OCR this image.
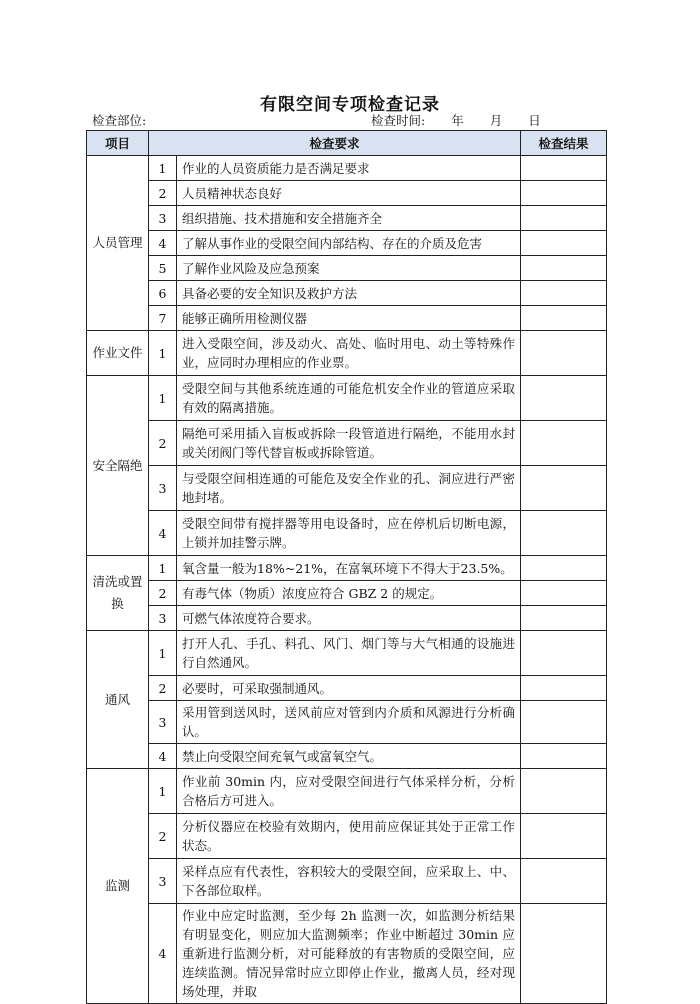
有限空间专项检查记录
检查部位:	检查时间: 年 月 日
项目	检查要求		检查结果
人员管理	1	作业的人员资质能力是否满足要求	
	2	人员精神状态良好	
	3	组织措施、技术措施和安全措施齐全	
	4	了解从事作业的受限空间内部结构、存在的介质及危害	
	5	了解作业风险及应急预案	
	6	具备必要的安全知识及救护方法	
	7	能够正确所用检测仪器	
作业文件	1	进入受限空间，涉及动火、高处、临时用电、动土等特殊作业，应同时办理相应的作业票。	
安全隔绝	1	受限空间与其他系统连通的可能危机安全作业的管道应采取有效的隔离措施。	
	2	隔绝可采用插入盲板或拆除一段管道进行隔绝，不能用水封或关闭阀门等代替盲板或拆除管道。	
	3	与受限空间相连通的可能危及安全作业的孔、洞应进行严密地封堵。	
	4	受限空间带有搅拌器等用电设备时，应在停机后切断电源，上锁并加挂警示牌。	
清洗或置换	1	氧含量一般为18%~21%，在富氧环境下不得大于23.5%。	
	2	有毒气体（物质）浓度应符合 GBZ 2 的规定。	
	3	可燃气体浓度符合要求。	
通风	1	打开人孔、手孔、料孔、风门、烟门等与大气相通的设施进行自然通风。	
	2	必要时，可采取强制通风。	
	3	采用管到送风时，送风前应对管到内介质和风源进行分析确认。	
	4	禁止向受限空间充氧气或富氧空气。	
监测	1	作业前 30min 内，应对受限空间进行气体采样分析，分析合格后方可进入。	
	2	分析仪器应在校验有效期内，使用前应保证其处于正常工作状态。	
	3	采样点应有代表性，容积较大的受限空间，应采取上、中、下各部位取样。	
	4	作业中应定时监测，至少每 2h 监测一次，如监测分析结果有明显变化，则应加大监测频率；作业中断超过 30min 应重新进行监测分析，对可能释放的有害物质的受限空间，应连续监测。情况异常时应立即停止作业，撤离人员，经对现场处理，并取	
